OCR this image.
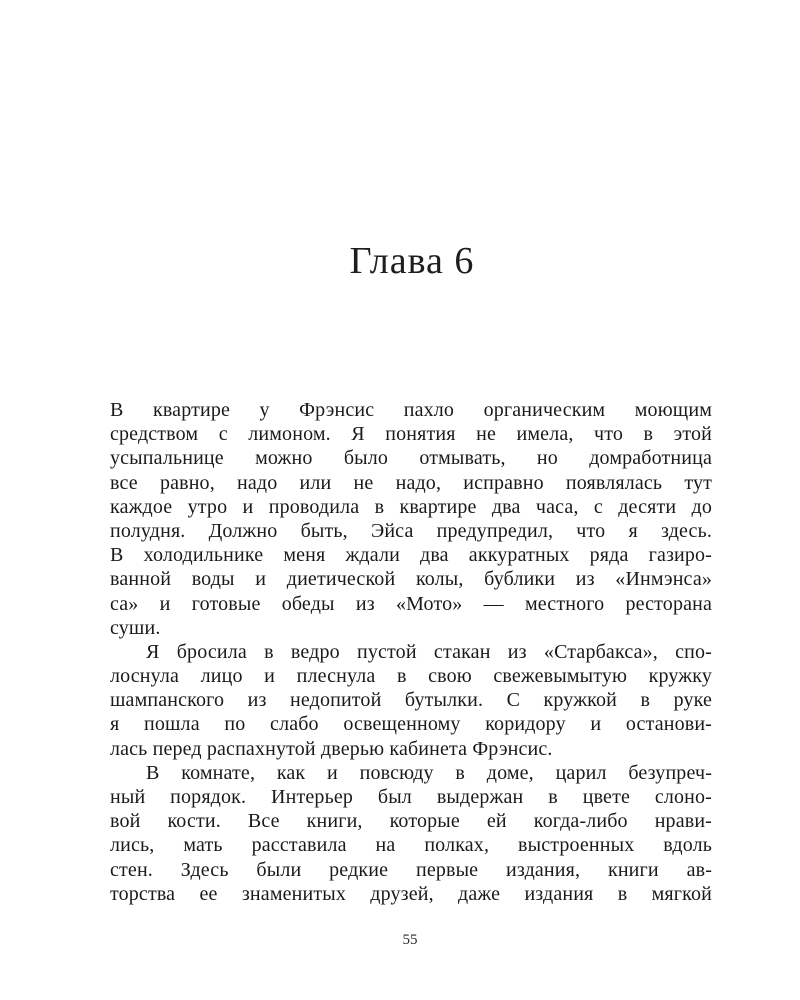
Глава 6
В квартире у Фрэнсис пахло органическим моющим
средством с лимоном. Я понятия не имела, что в этой
усыпальнице можно было отмывать, но домработница
все равно, надо или не надо, исправно появлялась тут
каждое утро и проводила в квартире два часа, с десяти до
полудня. Должно быть, Эйса предупредил, что я здесь.
В холодильнике меня ждали два аккуратных ряда газиро-
ванной воды и диетической колы, бублики из «Инмэнса»
са» и готовые обеды из «Мото» — местного ресторана
суши.
Я бросила в ведро пустой стакан из «Старбакса», спо-
лоснула лицо и плеснула в свою свежевымытую кружку
шампанского из недопитой бутылки. С кружкой в руке
я пошла по слабо освещенному коридору и останови-
лась перед распахнутой дверью кабинета Фрэнсис.
В комнате, как и повсюду в доме, царил безупреч-
ный порядок. Интерьер был выдержан в цвете слоно-
вой кости. Все книги, которые ей когда-либо нрави-
лись, мать расставила на полках, выстроенных вдоль
стен. Здесь были редкие первые издания, книги ав-
торства ее знаменитых друзей, даже издания в мягкой
55
